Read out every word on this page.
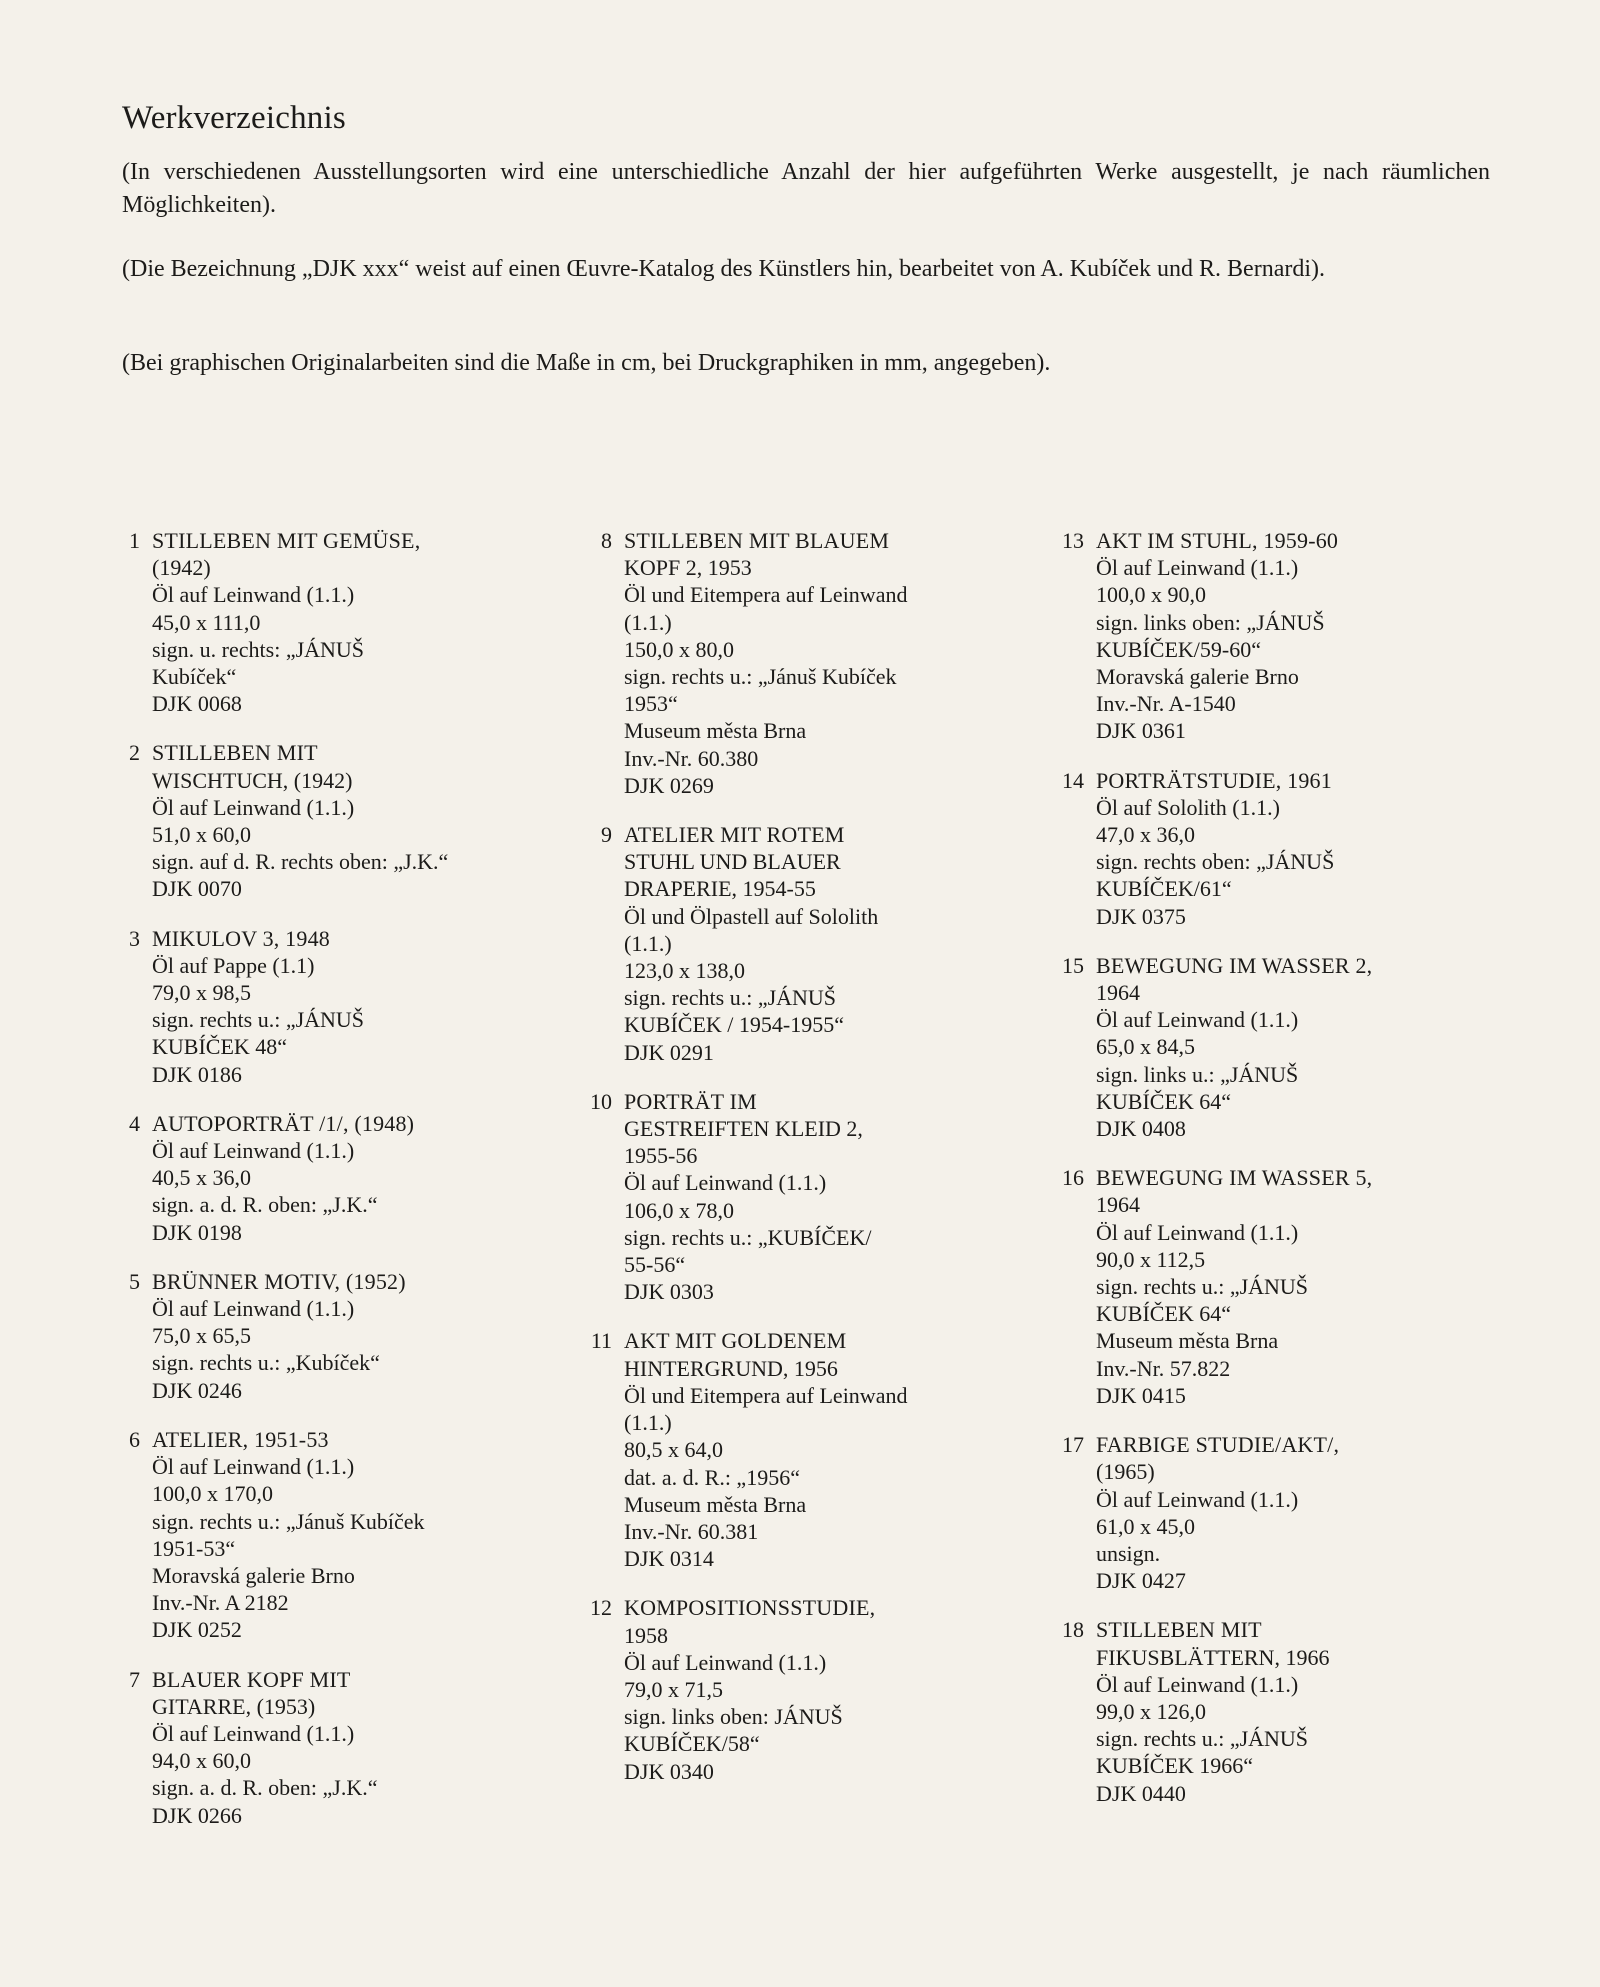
Werkverzeichnis
(In verschiedenen Ausstellungsorten wird eine unterschiedliche Anzahl der hier aufgeführten Werke ausgestellt, je nach räumlichen Möglichkeiten).
(Die Bezeichnung „DJK xxx“ weist auf einen Œuvre-Katalog des Künstlers hin, bearbeitet von A. Kubíček und R. Bernardi).
(Bei graphischen Originalarbeiten sind die Maße in cm, bei Druckgraphiken in mm, angegeben).
1 STILLEBEN MIT GEMÜSE,
(1942)
Öl auf Leinwand (1.1.)
45,0 x 111,0
sign. u. rechts: „JÁNUŠ
Kubíček“
DJK 0068
2 STILLEBEN MIT
WISCHTUCH, (1942)
Öl auf Leinwand (1.1.)
51,0 x 60,0
sign. auf d. R. rechts oben: „J.K.“
DJK 0070
3 MIKULOV 3, 1948
Öl auf Pappe (1.1)
79,0 x 98,5
sign. rechts u.: „JÁNUŠ
KUBÍČEK 48“
DJK 0186
4 AUTOPORTRÄT /1/, (1948)
Öl auf Leinwand (1.1.)
40,5 x 36,0
sign. a. d. R. oben: „J.K.“
DJK 0198
5 BRÜNNER MOTIV, (1952)
Öl auf Leinwand (1.1.)
75,0 x 65,5
sign. rechts u.: „Kubíček“
DJK 0246
6 ATELIER, 1951-53
Öl auf Leinwand (1.1.)
100,0 x 170,0
sign. rechts u.: „Jánuš Kubíček
1951-53“
Moravská galerie Brno
Inv.-Nr. A 2182
DJK 0252
7 BLAUER KOPF MIT
GITARRE, (1953)
Öl auf Leinwand (1.1.)
94,0 x 60,0
sign. a. d. R. oben: „J.K.“
DJK 0266
8 STILLEBEN MIT BLAUEM
KOPF 2, 1953
Öl und Eitempera auf Leinwand
(1.1.)
150,0 x 80,0
sign. rechts u.: „Jánuš Kubíček
1953“
Museum města Brna
Inv.-Nr. 60.380
DJK 0269
9 ATELIER MIT ROTEM
STUHL UND BLAUER
DRAPERIE, 1954-55
Öl und Ölpastell auf Sololith
(1.1.)
123,0 x 138,0
sign. rechts u.: „JÁNUŠ
KUBÍČEK / 1954-1955“
DJK 0291
10 PORTRÄT IM
GESTREIFTEN KLEID 2,
1955-56
Öl auf Leinwand (1.1.)
106,0 x 78,0
sign. rechts u.: „KUBÍČEK/
55-56“
DJK 0303
11 AKT MIT GOLDENEM
HINTERGRUND, 1956
Öl und Eitempera auf Leinwand
(1.1.)
80,5 x 64,0
dat. a. d. R.: „1956“
Museum města Brna
Inv.-Nr. 60.381
DJK 0314
12 KOMPOSITIONSSTUDIE,
1958
Öl auf Leinwand (1.1.)
79,0 x 71,5
sign. links oben: JÁNUŠ
KUBÍČEK/58“
DJK 0340
13 AKT IM STUHL, 1959-60
Öl auf Leinwand (1.1.)
100,0 x 90,0
sign. links oben: „JÁNUŠ
KUBÍČEK/59-60“
Moravská galerie Brno
Inv.-Nr. A-1540
DJK 0361
14 PORTRÄTSTUDIE, 1961
Öl auf Sololith (1.1.)
47,0 x 36,0
sign. rechts oben: „JÁNUŠ
KUBÍČEK/61“
DJK 0375
15 BEWEGUNG IM WASSER 2,
1964
Öl auf Leinwand (1.1.)
65,0 x 84,5
sign. links u.: „JÁNUŠ
KUBÍČEK 64“
DJK 0408
16 BEWEGUNG IM WASSER 5,
1964
Öl auf Leinwand (1.1.)
90,0 x 112,5
sign. rechts u.: „JÁNUŠ
KUBÍČEK 64“
Museum města Brna
Inv.-Nr. 57.822
DJK 0415
17 FARBIGE STUDIE/AKT/,
(1965)
Öl auf Leinwand (1.1.)
61,0 x 45,0
unsign.
DJK 0427
18 STILLEBEN MIT
FIKUSBLÄTTERN, 1966
Öl auf Leinwand (1.1.)
99,0 x 126,0
sign. rechts u.: „JÁNUŠ
KUBÍČEK 1966“
DJK 0440
